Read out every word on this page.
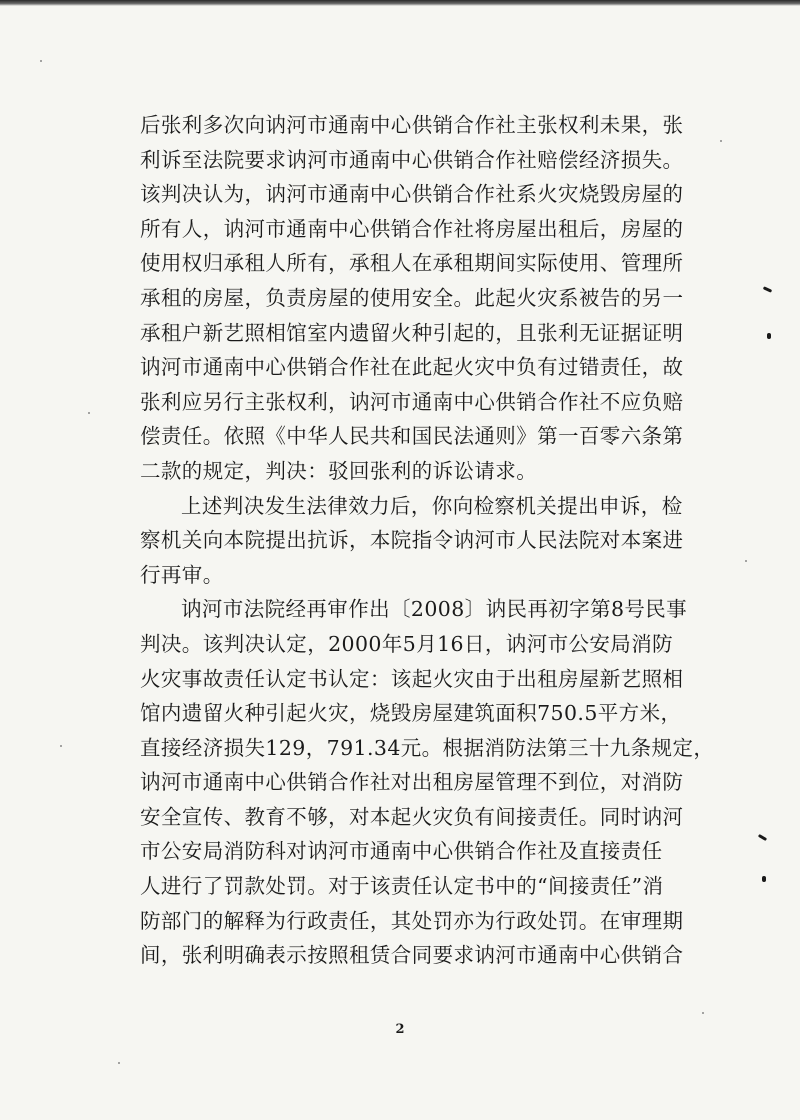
后张利多次向讷河市通南中心供销合作社主张权利未果，张
利诉至法院要求讷河市通南中心供销合作社赔偿经济损失。
该判决认为，讷河市通南中心供销合作社系火灾烧毁房屋的
所有人，讷河市通南中心供销合作社将房屋出租后，房屋的
使用权归承租人所有，承租人在承租期间实际使用、管理所
承租的房屋，负责房屋的使用安全。此起火灾系被告的另一
承租户新艺照相馆室内遗留火种引起的，且张利无证据证明
讷河市通南中心供销合作社在此起火灾中负有过错责任，故
张利应另行主张权利，讷河市通南中心供销合作社不应负赔
偿责任。依照《中华人民共和国民法通则》第一百零六条第
二款的规定，判决：驳回张利的诉讼请求。
上述判决发生法律效力后，你向检察机关提出申诉，检
察机关向本院提出抗诉，本院指令讷河市人民法院对本案进
行再审。
讷河市法院经再审作出〔2008〕讷民再初字第8号民事
判决。该判决认定，2000年5月16日，讷河市公安局消防
火灾事故责任认定书认定：该起火灾由于出租房屋新艺照相
馆内遗留火种引起火灾，烧毁房屋建筑面积750.5平方米，
直接经济损失129，791.34元。根据消防法第三十九条规定，
讷河市通南中心供销合作社对出租房屋管理不到位，对消防
安全宣传、教育不够，对本起火灾负有间接责任。同时讷河
市公安局消防科对讷河市通南中心供销合作社及直接责任
人进行了罚款处罚。对于该责任认定书中的“间接责任”消
防部门的解释为行政责任，其处罚亦为行政处罚。在审理期
间，张利明确表示按照租赁合同要求讷河市通南中心供销合
2
